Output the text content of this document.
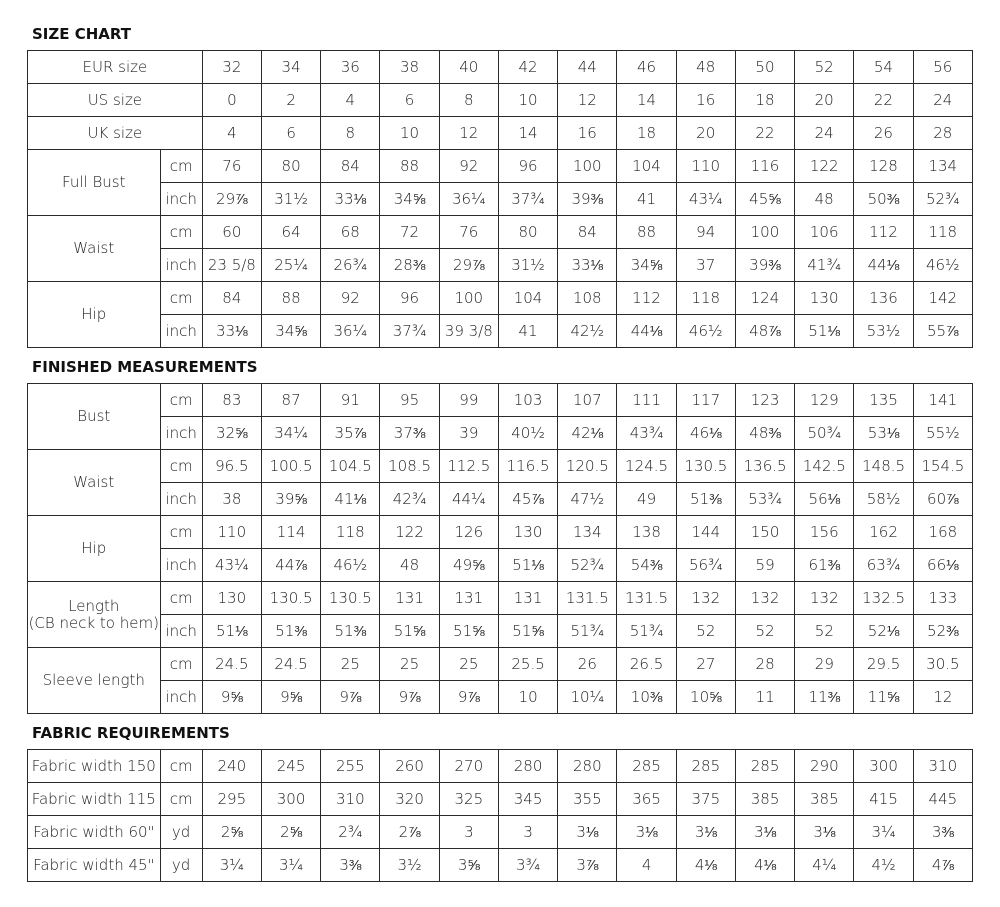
SIZE CHART
EUR size		32	34	36	38	40	42	44	46	48	50	52	54	56
US size		0	2	4	6	8	10	12	14	16	18	20	22	24
UK size		4	6	8	10	12	14	16	18	20	22	24	26	28
Full Bust	cm	76	80	84	88	92	96	100	104	110	116	122	128	134
	inch	29⅞	31½	33⅛	34⅝	36¼	37¾	39⅜	41	43¼	45⅝	48	50⅜	52¾
Waist	cm	60	64	68	72	76	80	84	88	94	100	106	112	118
	inch	23 5/8	25¼	26¾	28⅜	29⅞	31½	33⅛	34⅝	37	39⅜	41¾	44⅛	46½
Hip	cm	84	88	92	96	100	104	108	112	118	124	130	136	142
	inch	33⅛	34⅝	36¼	37¾	39 3/8	41	42½	44⅛	46½	48⅞	51⅛	53½	55⅞
FINISHED MEASUREMENTS
Bust	cm	83	87	91	95	99	103	107	111	117	123	129	135	141
	inch	32⅝	34¼	35⅞	37⅜	39	40½	42⅛	43¾	46⅛	48⅜	50¾	53⅛	55½
Waist	cm	96.5	100.5	104.5	108.5	112.5	116.5	120.5	124.5	130.5	136.5	142.5	148.5	154.5
	inch	38	39⅝	41⅛	42¾	44¼	45⅞	47½	49	51⅜	53¾	56⅛	58½	60⅞
Hip	cm	110	114	118	122	126	130	134	138	144	150	156	162	168
	inch	43¼	44⅞	46½	48	49⅝	51⅛	52¾	54⅜	56¾	59	61⅜	63¾	66⅛
Length
(CB neck to hem)	cm	130	130.5	130.5	131	131	131	131.5	131.5	132	132	132	132.5	133
	inch	51⅛	51⅜	51⅜	51⅝	51⅝	51⅝	51¾	51¾	52	52	52	52⅛	52⅜
Sleeve length	cm	24.5	24.5	25	25	25	25.5	26	26.5	27	28	29	29.5	30.5
	inch	9⅝	9⅝	9⅞	9⅞	9⅞	10	10¼	10⅜	10⅝	11	11⅜	11⅝	12
FABRIC REQUIREMENTS
Fabric width 150	cm	240	245	255	260	270	280	280	285	285	285	290	300	310
Fabric width 115	cm	295	300	310	320	325	345	355	365	375	385	385	415	445
Fabric width 60"	yd	2⅝	2⅝	2¾	2⅞	3	3	3⅛	3⅛	3⅛	3⅛	3⅛	3¼	3⅜
Fabric width 45"	yd	3¼	3¼	3⅜	3½	3⅝	3¾	3⅞	4	4⅛	4⅛	4¼	4½	4⅞
